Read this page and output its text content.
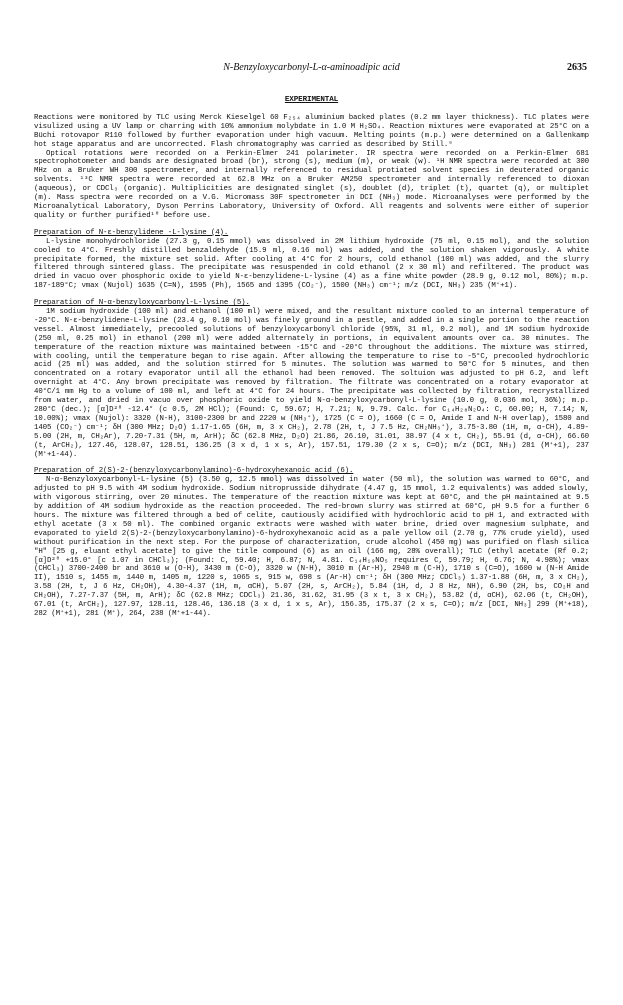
N-Benzyloxycarbonyl-L-α-aminoadipic acid	2635
EXPERIMENTAL

Reactions were monitored by TLC using Merck Kieselgel 60 F₂₅₄ aluminium backed plates (0.2 mm layer thickness). TLC plates were visulized using a UV lamp or charring with 10% ammonium molybdate in 1.0 M H₂SO₄. Reaction mixtures were evaporated at 25°C on a Büchi rotovapor R110 followed by further evaporation under high vacuum. Melting points (m.p.) were determined on a Gallenkamp hot stage apparatus and are uncorrected. Flash chromatography was carried as described by Still.⁹

Optical rotations were recorded on a Perkin-Elmer 241 polarimeter. IR spectra were recorded on a Perkin-Elmer 681 spectrophotometer and bands are designated broad (br), strong (s), medium (m), or weak (w). ¹H NMR spectra were recorded at 300 MHz on a Bruker WH 300 spectrometer, and internally referenced to residual protiated solvent species in deuterated organic solvents. ¹³C NMR spectra were recorded at 62.8 MHz on a Bruker AM250 spectrometer and internally referenced to dioxan (aqueous), or CDCl₃ (organic). Multiplicities are designated singlet (s), doublet (d), triplet (t), quartet (q), or multiplet (m). Mass spectra were recorded on a V.G. Micromass 30F spectrometer in DCI (NH₃) mode. Microanalyses were performed by the Microanalytical Laboratory, Dyson Perrins Laboratory, University of Oxford. All reagents and solvents were either of superior quality or further purified¹⁰ before use.

Preparation of N-ε-benzylidene -L-lysine (4).

L-lysine monohydrochloride (27.3 g, 0.15 mmol) was dissolved in 2M lithium hydroxide (75 ml, 0.15 mol), and the solution cooled to 4°C. Freshly distilled benzaldehyde (15.9 ml, 0.16 mol) was added, and the solution shaken vigorously. A white precipitate formed, the mixture set solid. After cooling at 4°C for 2 hours, cold ethanol (100 ml) was added, and the slurry filtered through sintered glass. The precipitate was resuspended in cold ethanol (2 x 30 ml) and refiltered. The product was dried in vacuo over phosphoric oxide to yield N-ε-benzylidene-L-lysine (4) as a fine white powder (28.9 g, 0.12 mol, 80%); m.p. 187-189°C; νmax (Nujol) 1635 (C=N), 1595 (Ph), 1565 and 1395 (CO₂⁻), 1500 (NH₃) cm⁻¹; m/z (DCI, NH₃) 235 (M⁺+1).

Preparation of N-α-benzyloxycarbonyl-L-lysine (5).

1M sodium hydroxide (100 ml) and ethanol (100 ml) were mixed, and the resultant mixture cooled to an internal temperature of -20°C. N-ε-benzylidene-L-lysine (23.4 g, 0.10 mol) was finely ground in a pestle, and added in a single portion to the reaction vessel. Almost immediately, precooled solutions of benzyloxycarbonyl chloride (95%, 31 ml, 0.2 mol), and 1M sodium hydroxide (250 ml, 0.25 mol) in ethanol (200 ml) were added alternately in portions, in equivalent amounts over ca. 30 minutes. The temperature of the reaction mixture was maintained between -15°C and -20°C throughout the additions. The mixture was stirred, with cooling, until the temperature began to rise again. After allowing the temperature to rise to -5°C, precooled hydrochloric acid (25 ml) was added, and the solution stirred for 5 minutes. The solution was warmed to 50°C for 5 minutes, and then concentrated on a rotary evaporator until all the ethanol had been removed. The soltuion was adjusted to pH 6.2, and left overnight at 4°C. Any brown precipitate was removed by filtration. The filtrate was concentrated on a rotary evaporator at 40°C/1 mm Hg to a volume of 100 ml, and left at 4°C for 24 hours. The precipitate was collected by filtration, recrystallized from water, and dried in vacuo over phosphoric oxide to yield N-α-benzyloxycarbonyl-L-lysine (10.0 g, 0.036 mol, 36%); m.p. 280°C (dec.); [α]D²⁰ -12.4° (c 0.5, 2M HCl); (Found: C, 59.67; H, 7.21; N, 9.79. Calc. for C₁₄H₂₀N₂O₄: C, 60.00; H, 7.14; N, 10.00%); νmax (Nujol): 3320 (N-H), 3100-2300 br and 2220 w (NH₃⁺), 1725 (C = O), 1660 (C = O, Amide I and N-H overlap), 1580 and 1405 (CO₂⁻) cm⁻¹; δH (300 MHz; D₂O) 1.17-1.65 (6H, m, 3 x CH₂), 2.78 (2H, t, J 7.5 Hz, CH₂NH₃⁺), 3.75-3.80 (1H, m, α-CH), 4.89-5.00 (2H, m, CH₂Ar), 7.20-7.31 (5H, m, ArH); δC (62.8 MHz, D₂O) 21.86, 26.10, 31.01, 38.97 (4 x t, CH₂), 55.91 (d, α-CH), 66.60 (t, ArCH₂), 127.46, 128.07, 128.51, 136.25 (3 x d, 1 x s, Ar), 157.51, 179.30 (2 x s, C=O); m/z (DCI, NH₃) 281 (M⁺+1), 237 (M⁺+1-44).

Preparation of 2(S)-2-(benzyloxycarbonylamino)-6-hydroxyhexanoic acid (6).

N-α-Benzyloxycarbonyl-L-lysine (5) (3.50 g, 12.5 mmol) was dissolved in water (50 ml), the solution was warmed to 60°C, and adjusted to pH 9.5 with 4M sodium hydroxide. Sodium nitroprusside dihydrate (4.47 g, 15 mmol, 1.2 equivalents) was added slowly, with vigorous stirring, over 20 minutes. The temperature of the reaction mixture was kept at 60°C, and the pH maintained at 9.5 by addition of 4M sodium hydroxide as the reaction proceeded. The red-brown slurry was stirred at 60°C, pH 9.5 for a further 6 hours. The mixture was filtered through a bed of celite, cautiously acidified with hydrochloric acid to pH 1, and extracted with ethyl acetate (3 x 50 ml). The combined organic extracts were washed with water brine, dried over magnesium sulphate, and evaporated to yield 2(S)-2-(benzyloxycarbonylamino)-6-hydroxyhexanoic acid as a pale yellow oil (2.70 g, 77% crude yield), used without purification in the next step. For the purpose of characterization, crude alcohol (450 mg) was purified on flash silica "H" [25 g, eluant ethyl acetate] to give the title compound (6) as an oil (166 mg, 28% overall); TLC (ethyl acetate (Rf 0.2; [α]D²⁰ +15.0° [c 1.07 in CHCl₃); (Found: C, 59.40; H, 6.87; N, 4.81. C₁₄H₁₉NO₅ requires C, 59.79; H, 6.76; N, 4.98%); νmax (CHCl₃) 3700-2400 br and 3610 w (O-H), 3430 m (C-O), 3320 w (N-H), 3010 m (Ar-H), 2940 m (C-H), 1710 s (C=O), 1600 w (N-H Amide II), 1510 s, 1455 m, 1440 m, 1405 m, 1220 s, 1065 s, 915 w, 698 s (Ar-H) cm⁻¹; δH (300 MHz; CDCl₃) 1.37-1.88 (6H, m, 3 x CH₂), 3.58 (2H, t, J 6 Hz, CH₂OH), 4.30-4.37 (1H, m, αCH), 5.07 (2H, s, ArCH₂), 5.84 (1H, d, J 8 Hz, NH), 6.90 (2H, bs, CO₂H and CH₂OH), 7.27-7.37 (5H, m, ArH); δC (62.8 MHz; CDCl₃) 21.36, 31.62, 31.95 (3 x t, 3 x CH₂), 53.82 (d, αCH), 62.06 (t, CH₂OH), 67.01 (t, ArCH₂), 127.97, 128.11, 128.46, 136.18 (3 x d, 1 x s, Ar), 156.35, 175.37 (2 x s, C=O); m/z [DCI, NH₃] 299 (M⁺+18), 282 (M⁺+1), 281 (M⁺), 264, 238 (M⁺+1-44).
